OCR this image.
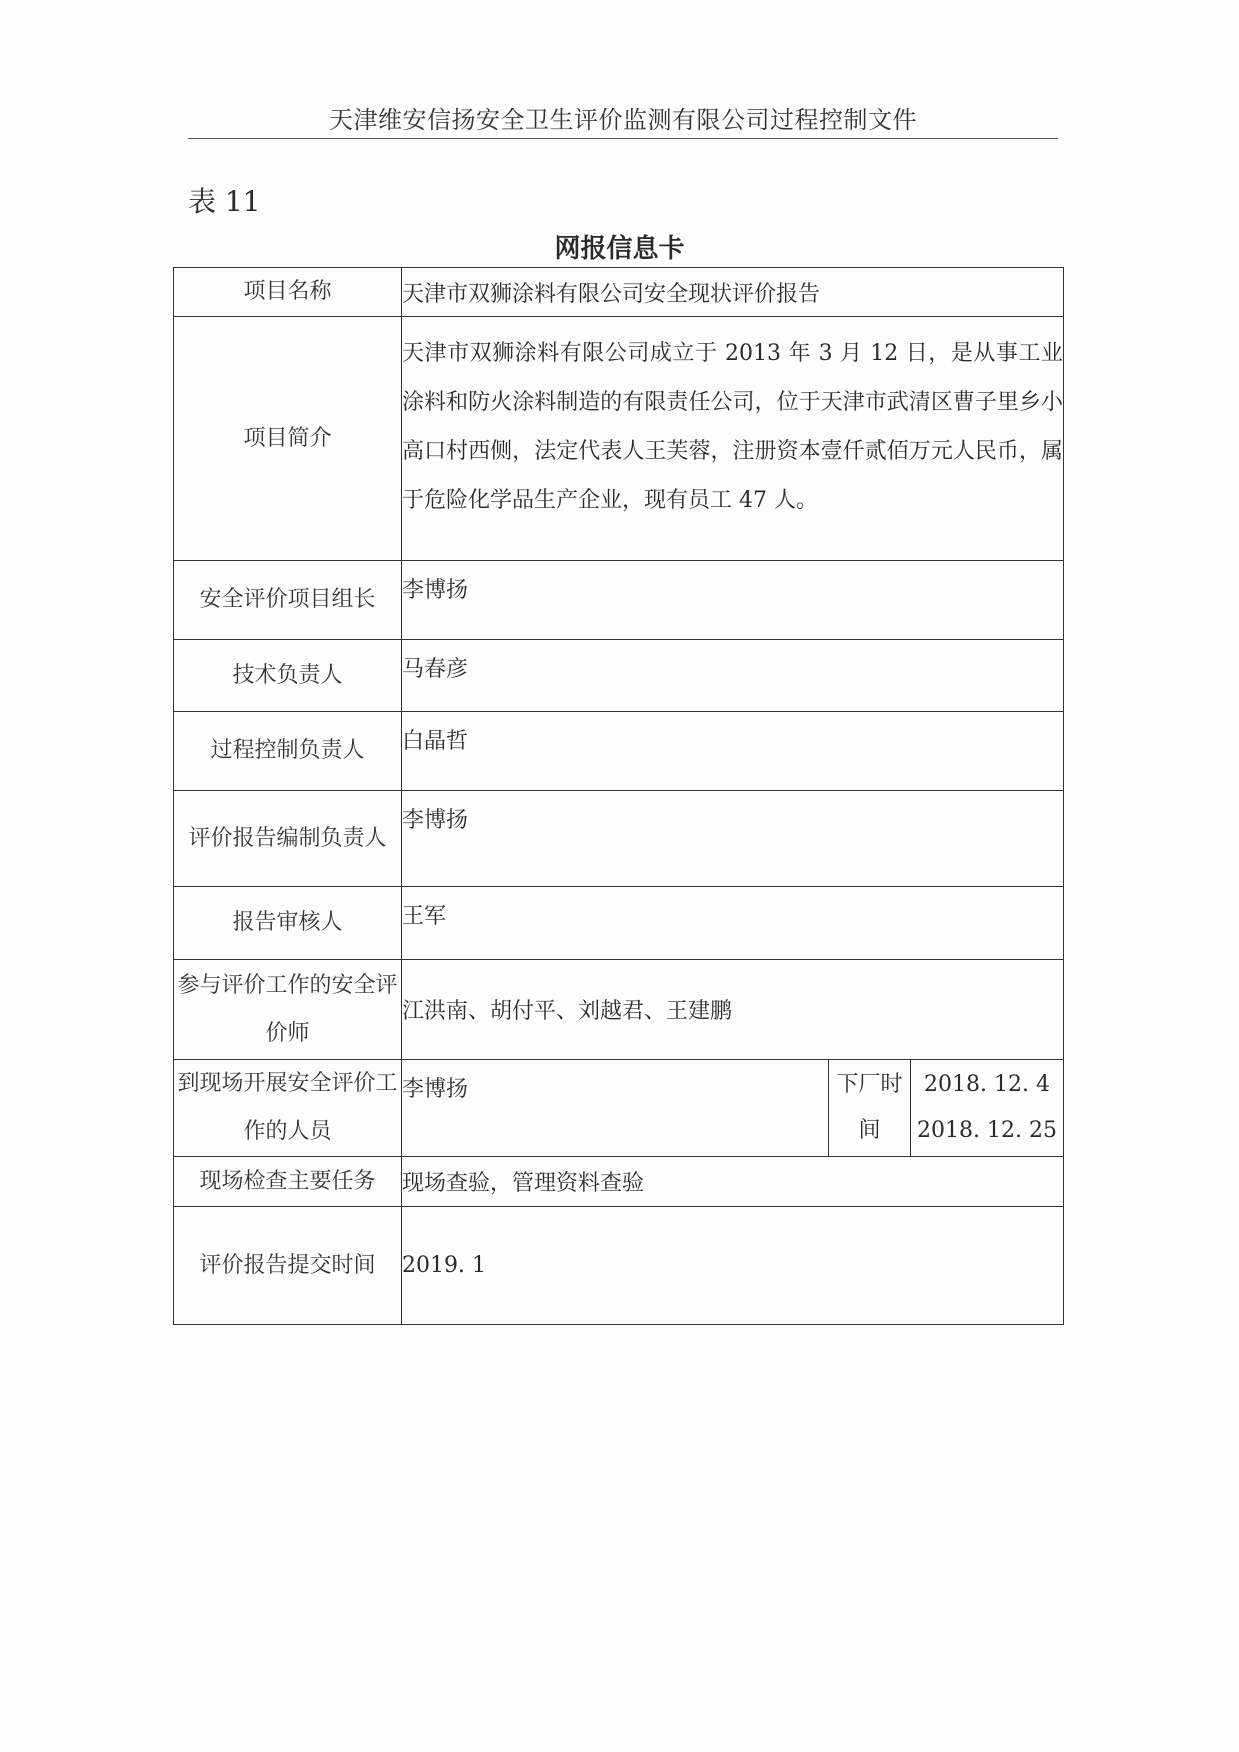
天津维安信扬安全卫生评价监测有限公司过程控制文件
表 11
网报信息卡
项目名称	天津市双狮涂料有限公司安全现状评价报告		
项目简介	天津市双狮涂料有限公司成立于 2013 年 3 月 12 日，是从事工业涂料和防火涂料制造的有限责任公司，位于天津市武清区曹子里乡小高口村西侧，法定代表人王芙蓉，注册资本壹仟贰佰万元人民币，属于危险化学品生产企业，现有员工 47 人。		

安全评价项目组长	李博扬		
技术负责人	马春彦		
过程控制负责人	白晶哲		
评价报告编制负责人	李博扬		
报告审核人	王军		
参与评价工作的安全评价师	江洪南、胡付平、刘越君、王建鹏		
到现场开展安全评价工作的人员	李博扬	下厂时间	2018. 12. 4
2018. 12. 25

现场检查主要任务	现场查验，管理资料查验		
评价报告提交时间	2019. 1		
